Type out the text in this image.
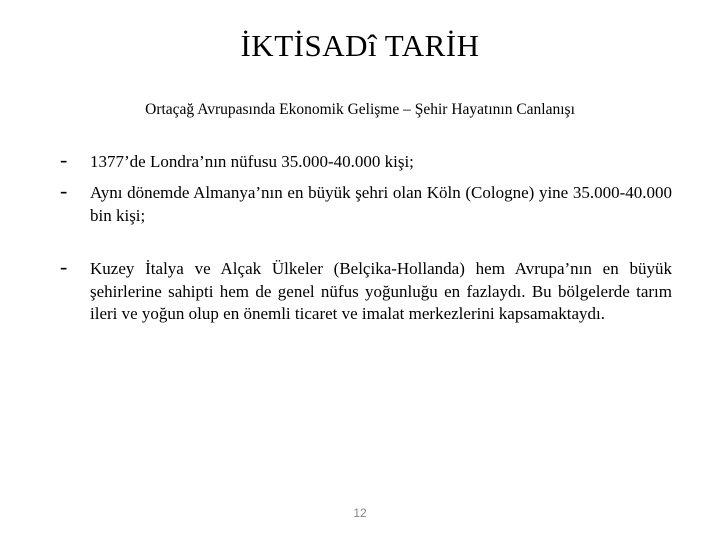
İKTİSADî TARİH
Ortaçağ Avrupasında Ekonomik Gelişme – Şehir Hayatının Canlanışı
-	1377’de Londra’nın nüfusu 35.000-40.000 kişi;
-	Aynı dönemde Almanya’nın en büyük şehri olan Köln (Cologne) yine 35.000-40.000 bin kişi;
-	Kuzey İtalya ve Alçak Ülkeler (Belçika-Hollanda) hem Avrupa’nın en büyük şehirlerine sahipti hem de genel nüfus yoğunluğu en fazlaydı. Bu bölgelerde tarım ileri ve yoğun olup en önemli ticaret ve imalat merkezlerini kapsamaktaydı.
12
